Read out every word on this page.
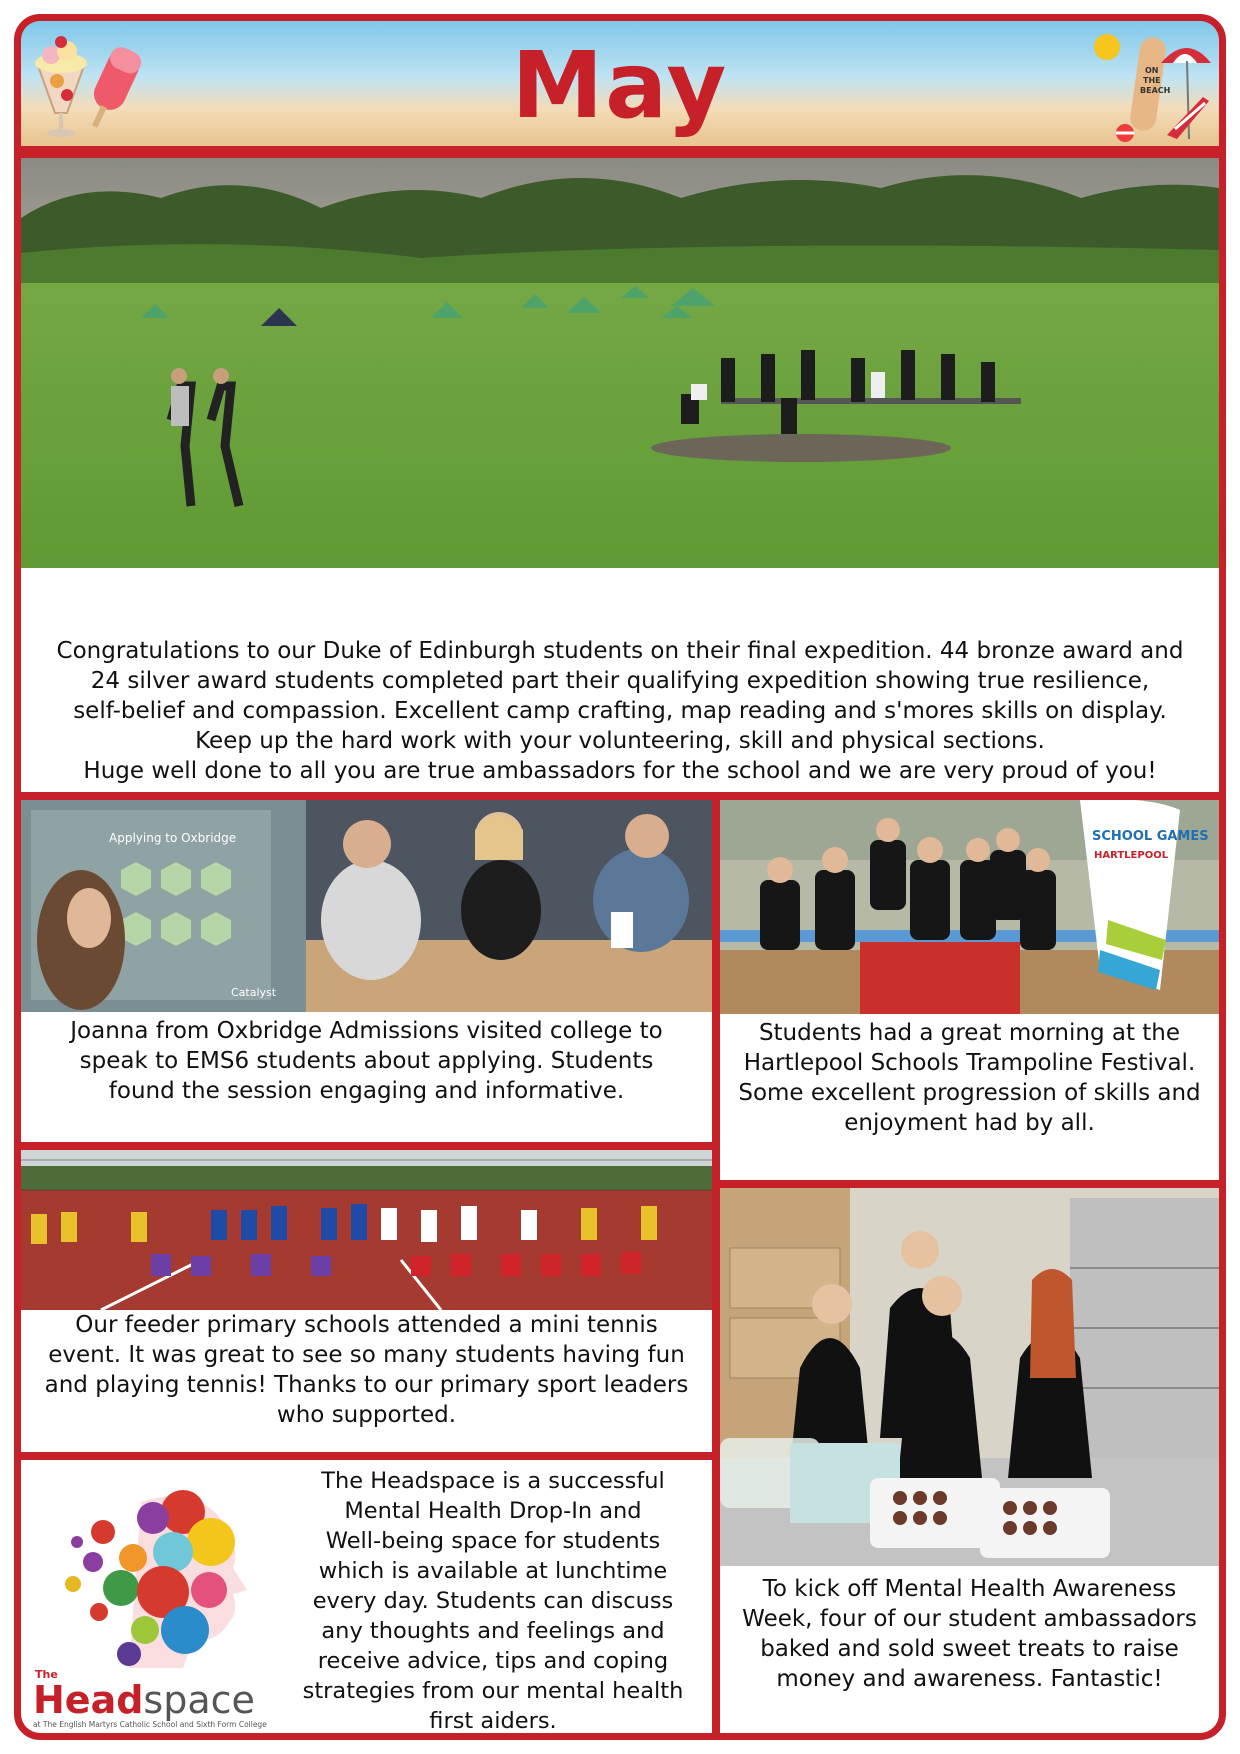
May	ON
THE
BEACH
Congratulations to our Duke of Edinburgh students on their final expedition. 44 bronze award and
24 silver award students completed part their qualifying expedition showing true resilience,
self-belief and compassion. Excellent camp crafting, map reading and s'mores skills on display.
Keep up the hard work with your volunteering, skill and physical sections.
Huge well done to all you are true ambassadors for the school and we are very proud of you!
Applying to Oxbridge
Catalyst
Joanna from Oxbridge Admissions visited college to
speak to EMS6 students about applying. Students
found the session engaging and informative.
SCHOOL GAMES
HARTLEPOOL
Students had a great morning at the
Hartlepool Schools Trampoline Festival.
Some excellent progression of skills and
enjoyment had by all.
Our feeder primary schools attended a mini tennis
event. It was great to see so many students having fun
and playing tennis! Thanks to our primary sport leaders
who supported.
To kick off Mental Health Awareness
Week, four of our student ambassadors
baked and sold sweet treats to raise
money and awareness. Fantastic!
The
Headspace
at The English Martyrs Catholic School and Sixth Form College
The Headspace is a successful
Mental Health Drop-In and
Well-being space for students
which is available at lunchtime
every day. Students can discuss
any thoughts and feelings and
receive advice, tips and coping
strategies from our mental health
first aiders.
